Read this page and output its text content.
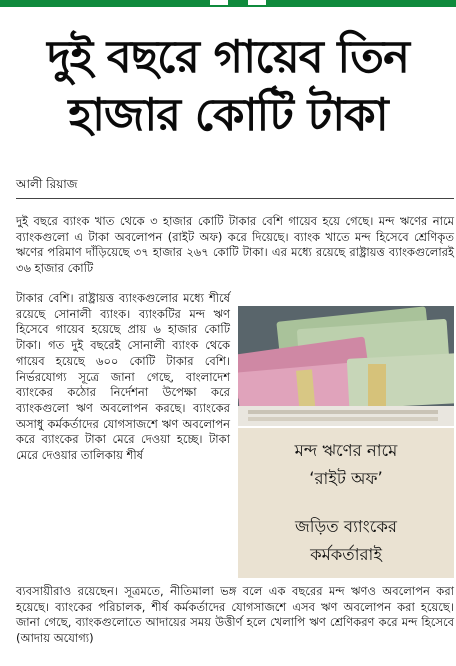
দুই বছরে গায়েব তিন
হাজার কোটি টাকা
আলী রিয়াজ

দুই বছরে ব্যাংক খাত থেকে ৩ হাজার কোটি টাকার বেশি গায়েব হয়ে গেছে। মন্দ ঋণের নামে ব্যাংকগুলো এ টাকা অবলোপন (রাইট অফ) করে দিয়েছে। ব্যাংক খাতে মন্দ হিসেবে শ্রেণিকৃত ঋণের পরিমাণ দাঁড়িয়েছে ৩৭ হাজার ২৬৭ কোটি টাকা। এর মধ্যে রয়েছে রাষ্ট্রায়ত্ত ব্যাংকগুলোরই ৩৬ হাজার কোটি

টাকার বেশি। রাষ্ট্রায়ত্ত ব্যাংকগুলোর মধ্যে শীর্ষে রয়েছে সোনালী ব্যাংক। ব্যাংকটির মন্দ ঋণ হিসেবে গায়েব হয়েছে প্রায় ৬ হাজার কোটি টাকা। গত দুই বছরেই সোনালী ব্যাংক থেকে গায়েব হয়েছে ৬০০ কোটি টাকার বেশি। নির্ভরযোগ্য সূত্রে জানা গেছে, বাংলাদেশ ব্যাংকের কঠোর নির্দেশনা উপেক্ষা করে ব্যাংকগুলো ঋণ অবলোপন করছে। ব্যাংকের অসাধু কর্মকর্তাদের যোগসাজশে ঋণ অবলোপন করে ব্যাংকের টাকা মেরে দেওয়া হচ্ছে। টাকা মেরে দেওয়ার তালিকায় শীর্ষ	মন্দ ঋণের নামে
‘রাইট অফ’
জড়িত ব্যাংকের
কর্মকর্তারাই

ব্যবসায়ীরাও রয়েছেন। সূত্রমতে, নীতিমালা ভঙ্গ বলে এক বছরের মন্দ ঋণও অবলোপন করা হয়েছে। ব্যাংকের পরিচালক, শীর্ষ কর্মকর্তাদের যোগসাজশে এসব ঋণ অবলোপন করা হয়েছে। জানা গেছে, ব্যাংকগুলোতে আদায়ের সময় উত্তীর্ণ হলে খেলাপি ঋণ শ্রেণিকরণ করে মন্দ হিসেবে (আদায় অযোগ্য)
